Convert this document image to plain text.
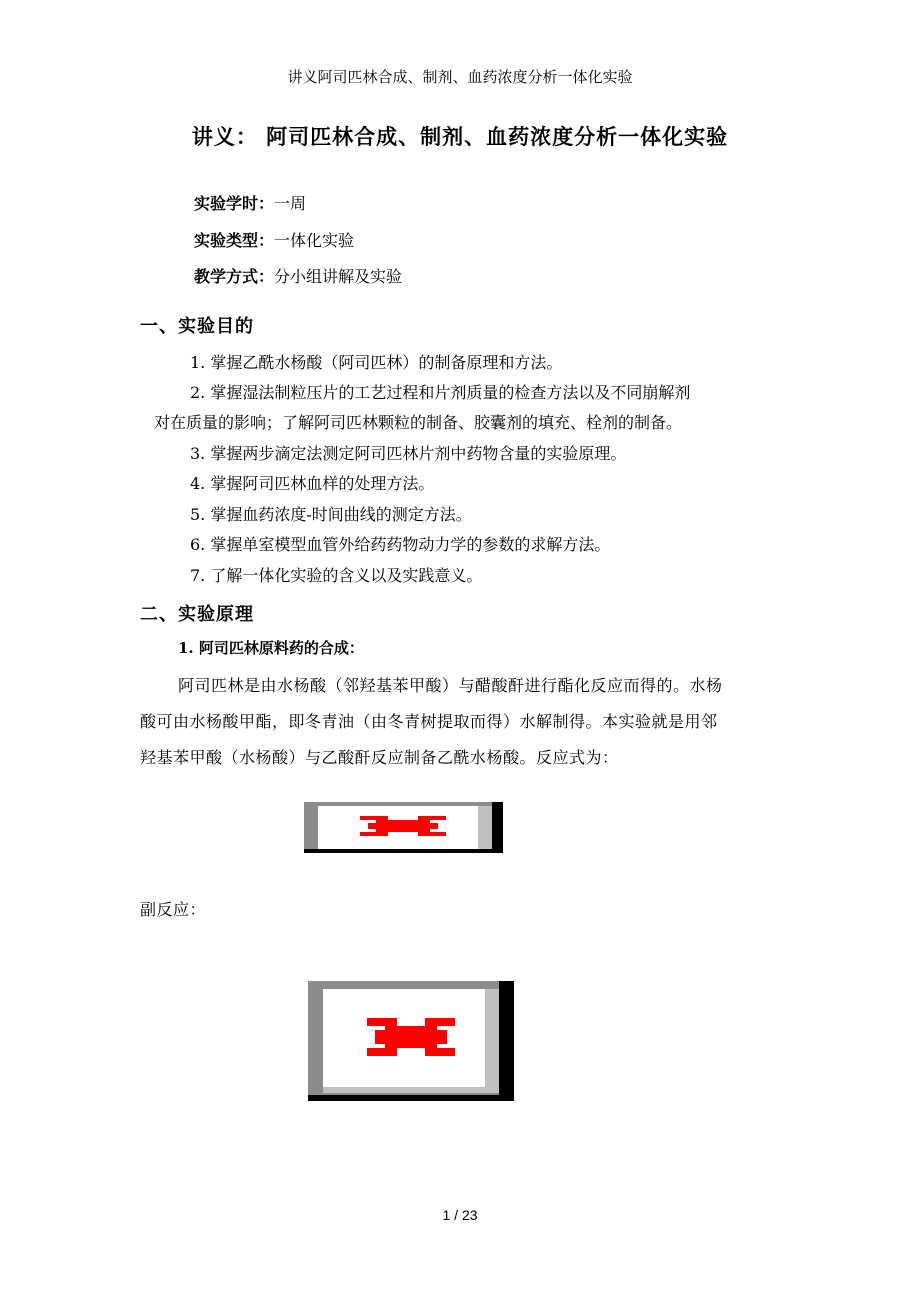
讲义阿司匹林合成、制剂、血药浓度分析一体化实验
讲义： 阿司匹林合成、制剂、血药浓度分析一体化实验
实验学时：一周
实验类型：一体化实验
教学方式：分小组讲解及实验
一、实验目的
1. 掌握乙酰水杨酸（阿司匹林）的制备原理和方法。
2. 掌握湿法制粒压片的工艺过程和片剂质量的检查方法以及不同崩解剂
对在质量的影响；了解阿司匹林颗粒的制备、胶囊剂的填充、栓剂的制备。
3. 掌握两步滴定法测定阿司匹林片剂中药物含量的实验原理。
4. 掌握阿司匹林血样的处理方法。
5. 掌握血药浓度-时间曲线的测定方法。
6. 掌握单室模型血管外给药药物动力学的参数的求解方法。
7. 了解一体化实验的含义以及实践意义。
二、实验原理
1. 阿司匹林原料药的合成：
阿司匹林是由水杨酸（邻羟基苯甲酸）与醋酸酐进行酯化反应而得的。水杨
酸可由水杨酸甲酯，即冬青油（由冬青树提取而得）水解制得。本实验就是用邻
羟基苯甲酸（水杨酸）与乙酸酐反应制备乙酰水杨酸。反应式为：
副反应：
1 / 23
